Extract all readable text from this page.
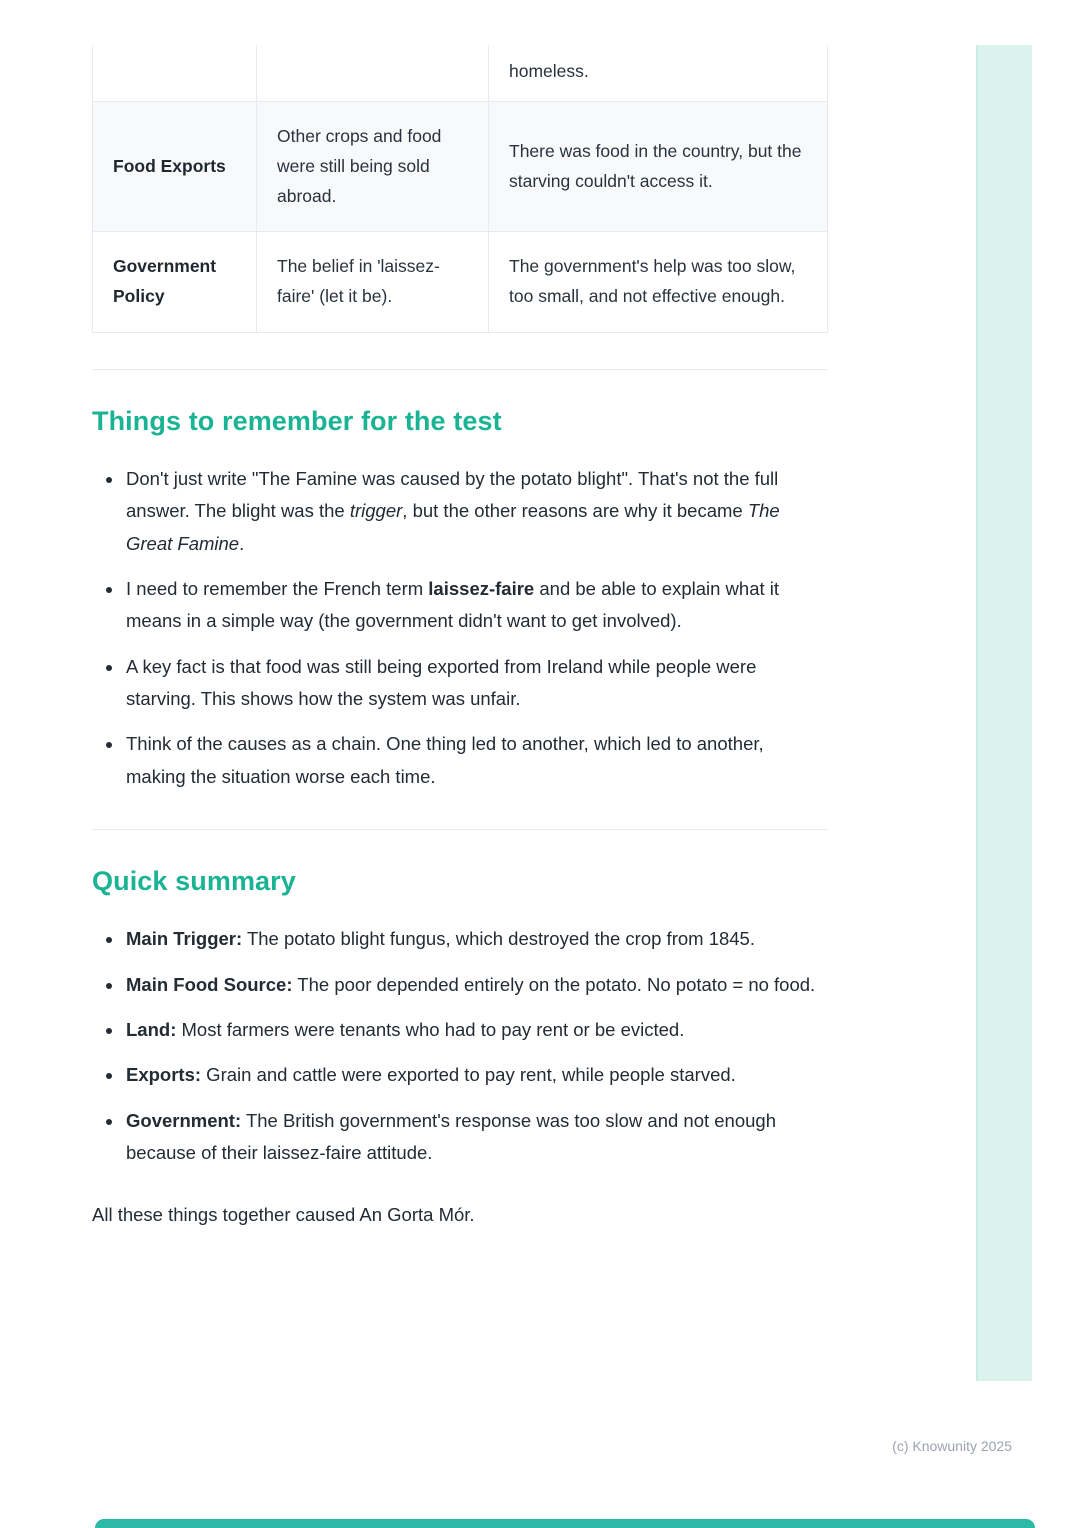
homeless.
Food Exports
Other crops and food were still being sold abroad.
There was food in the country, but the starving couldn't access it.
Government Policy
The belief in 'laissez-faire' (let it be).
The government's help was too slow, too small, and not effective enough.
Things to remember for the test
• Don't just write "The Famine was caused by the potato blight". That's not the full answer. The blight was the trigger, but the other reasons are why it became The Great Famine.
• I need to remember the French term laissez-faire and be able to explain what it means in a simple way (the government didn't want to get involved).
• A key fact is that food was still being exported from Ireland while people were starving. This shows how the system was unfair.
• Think of the causes as a chain. One thing led to another, which led to another, making the situation worse each time.
Quick summary
• Main Trigger: The potato blight fungus, which destroyed the crop from 1845.
• Main Food Source: The poor depended entirely on the potato. No potato = no food.
• Land: Most farmers were tenants who had to pay rent or be evicted.
• Exports: Grain and cattle were exported to pay rent, while people starved.
• Government: The British government's response was too slow and not enough because of their laissez-faire attitude.

All these things together caused An Gorta Mór.

(c) Knowunity 2025
